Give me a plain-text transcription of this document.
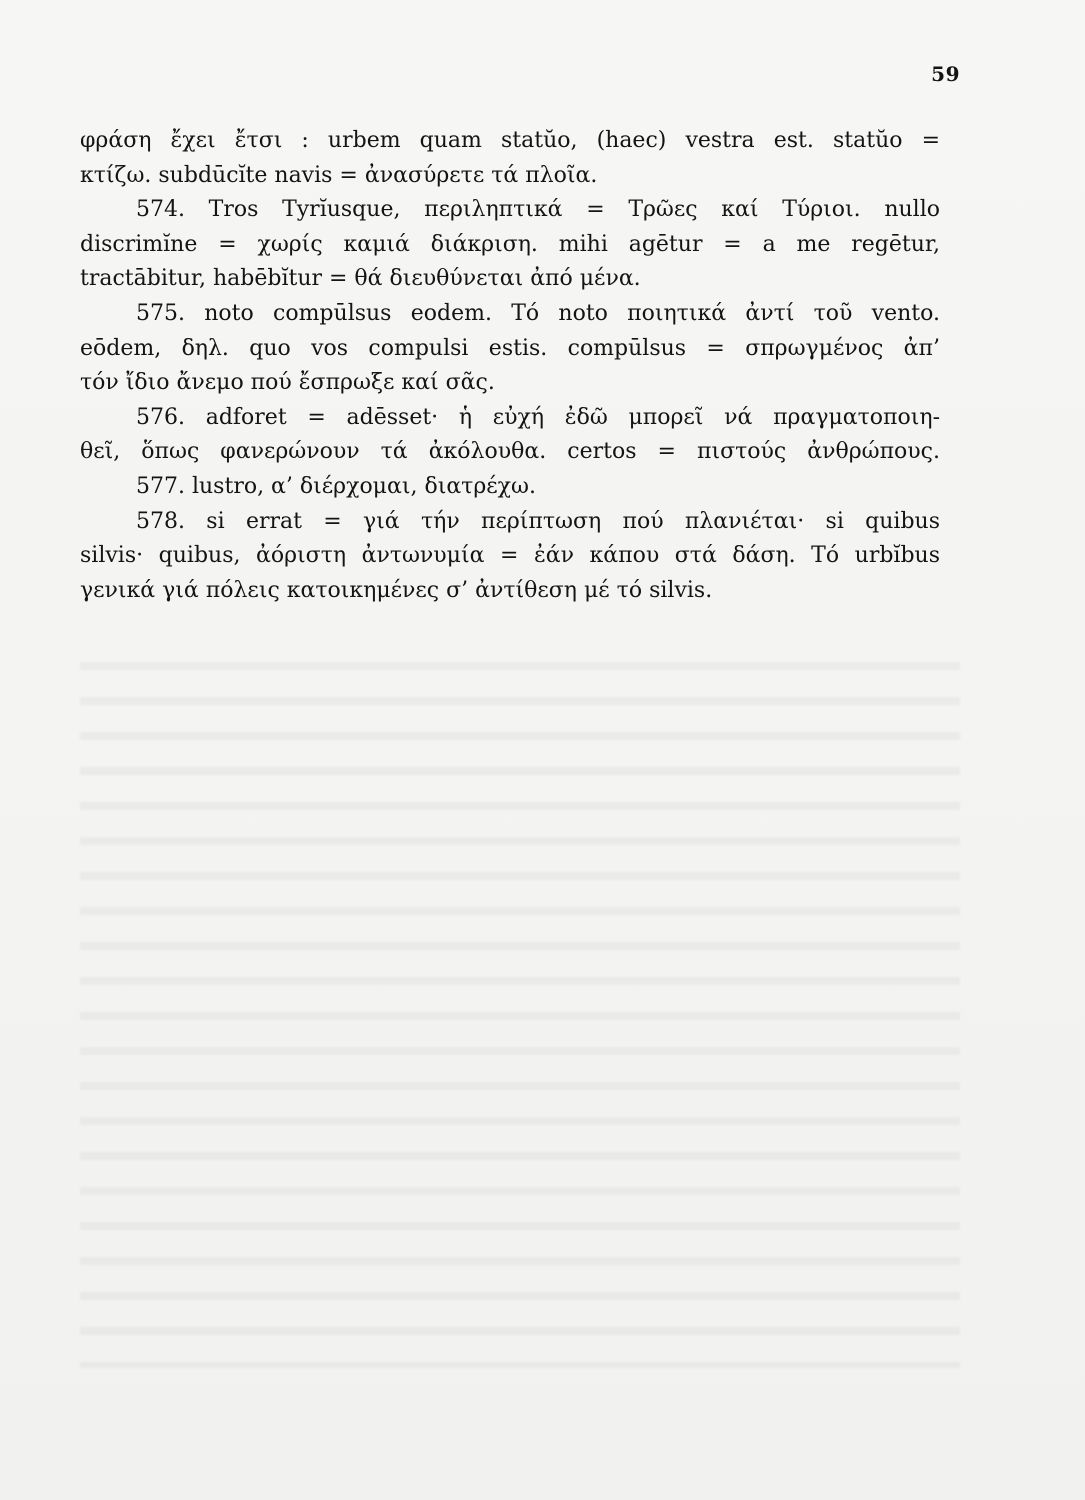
59
φράση ἔχει ἔτσι : urbem quam statŭo, (haec) vestra est. statŭo =
κτίζω. subdūcĭte navis = ἀνασύρετε τά πλοῖα.
574. Tros Tyrĭusque, περιληπτικά = Τρῶες καί Τύριοι. nullo
discrimĭne = χωρίς καμιά διάκριση. mihi agētur = a me regētur,
tractābitur, habēbĭtur = θά διευθύνεται ἀπό μένα.
575. noto compūlsus eodem. Τό noto ποιητικά ἀντί τοῦ vento.
eōdem, δηλ. quo vos compulsi estis. compūlsus = σπρωγμένος ἀπ’
τόν ἴδιο ἄνεμο πού ἔσπρωξε καί σᾶς.
576. adforet = adēsset· ἡ εὐχή ἐδῶ μπορεῖ νά πραγματοποιη-
θεῖ, ὅπως φανερώνουν τά ἀκόλουθα. certos = πιστούς ἀνθρώπους.
577. lustro, α’ διέρχομαι, διατρέχω.
578. si errat = γιά τήν περίπτωση πού πλανιέται· si quibus
silvis· quibus, ἀόριστη ἀντωνυμία = ἐάν κάπου στά δάση. Τό urbĭbus
γενικά γιά πόλεις κατοικημένες σ’ ἀντίθεση μέ τό silvis.
